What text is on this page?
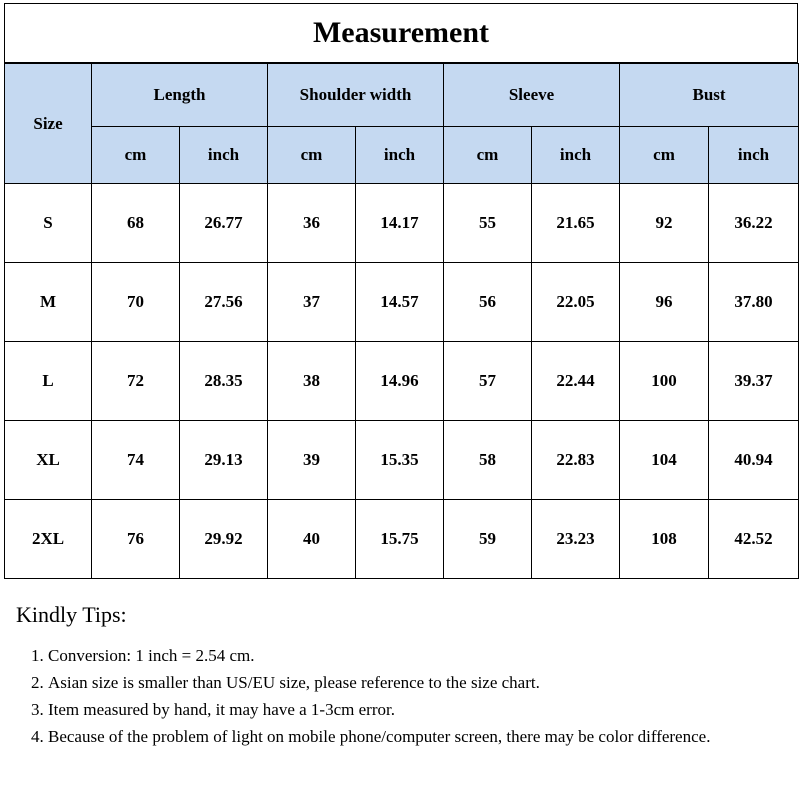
Measurement
Size	Length		Shoulder width		Sleeve		Bust	
	cm	inch	cm	inch	cm	inch	cm	inch
S	68	26.77	36	14.17	55	21.65	92	36.22
M	70	27.56	37	14.57	56	22.05	96	37.80
L	72	28.35	38	14.96	57	22.44	100	39.37
XL	74	29.13	39	15.35	58	22.83	104	40.94
2XL	76	29.92	40	15.75	59	23.23	108	42.52
Kindly Tips:
1. Conversion: 1 inch = 2.54 cm.
2. Asian size is smaller than US/EU size, please reference to the size chart.
3. Item measured by hand, it may have a 1-3cm error.
4. Because of the problem of light on mobile phone/computer screen, there may be color difference.
